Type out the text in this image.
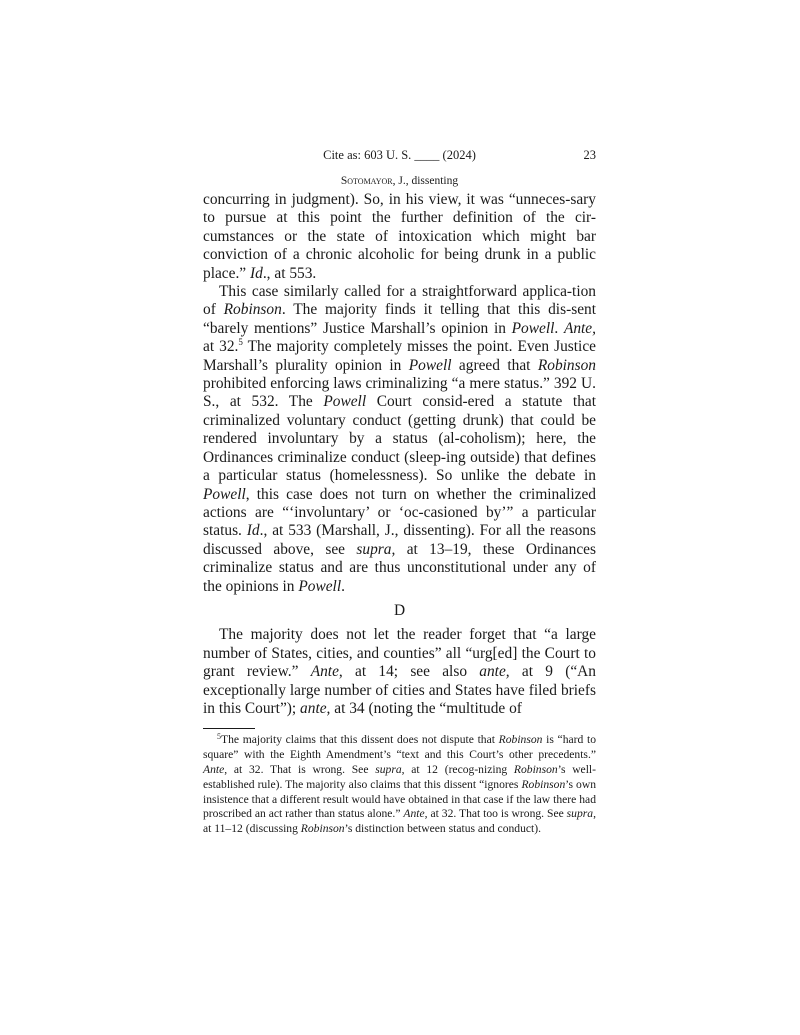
Cite as: 603 U. S. ____ (2024)	23
Sotomayor, J., dissenting

concurring in judgment). So, in his view, it was “unneces-sary to pursue at this point the further definition of the cir-cumstances or the state of intoxication which might bar conviction of a chronic alcoholic for being drunk in a public place.” Id., at 553.

This case similarly called for a straightforward applica-tion of Robinson. The majority finds it telling that this dis-sent “barely mentions” Justice Marshall’s opinion in Powell. Ante, at 32.$^5$ The majority completely misses the point. Even Justice Marshall’s plurality opinion in Powell agreed that Robinson prohibited enforcing laws criminalizing “a mere status.” 392 U. S., at 532. The Powell Court consid-ered a statute that criminalized voluntary conduct (getting drunk) that could be rendered involuntary by a status (al-coholism); here, the Ordinances criminalize conduct (sleep-ing outside) that defines a particular status (homelessness). So unlike the debate in Powell, this case does not turn on whether the criminalized actions are “‘involuntary’ or ‘oc-casioned by’” a particular status. Id., at 533 (Marshall, J., dissenting). For all the reasons discussed above, see supra, at 13–19, these Ordinances criminalize status and are thus unconstitutional under any of the opinions in Powell.

D

The majority does not let the reader forget that “a large number of States, cities, and counties” all “urg[ed] the Court to grant review.” Ante, at 14; see also ante, at 9 (“An exceptionally large number of cities and States have filed briefs in this Court”); ante, at 34 (noting the “multitude of

$^5$The majority claims that this dissent does not dispute that Robinson is “hard to square” with the Eighth Amendment’s “text and this Court’s other precedents.” Ante, at 32. That is wrong. See supra, at 12 (recog-nizing Robinson’s well-established rule). The majority also claims that this dissent “ignores Robinson’s own insistence that a different result would have obtained in that case if the law there had proscribed an act rather than status alone.” Ante, at 32. That too is wrong. See supra, at 11–12 (discussing Robinson’s distinction between status and conduct).
